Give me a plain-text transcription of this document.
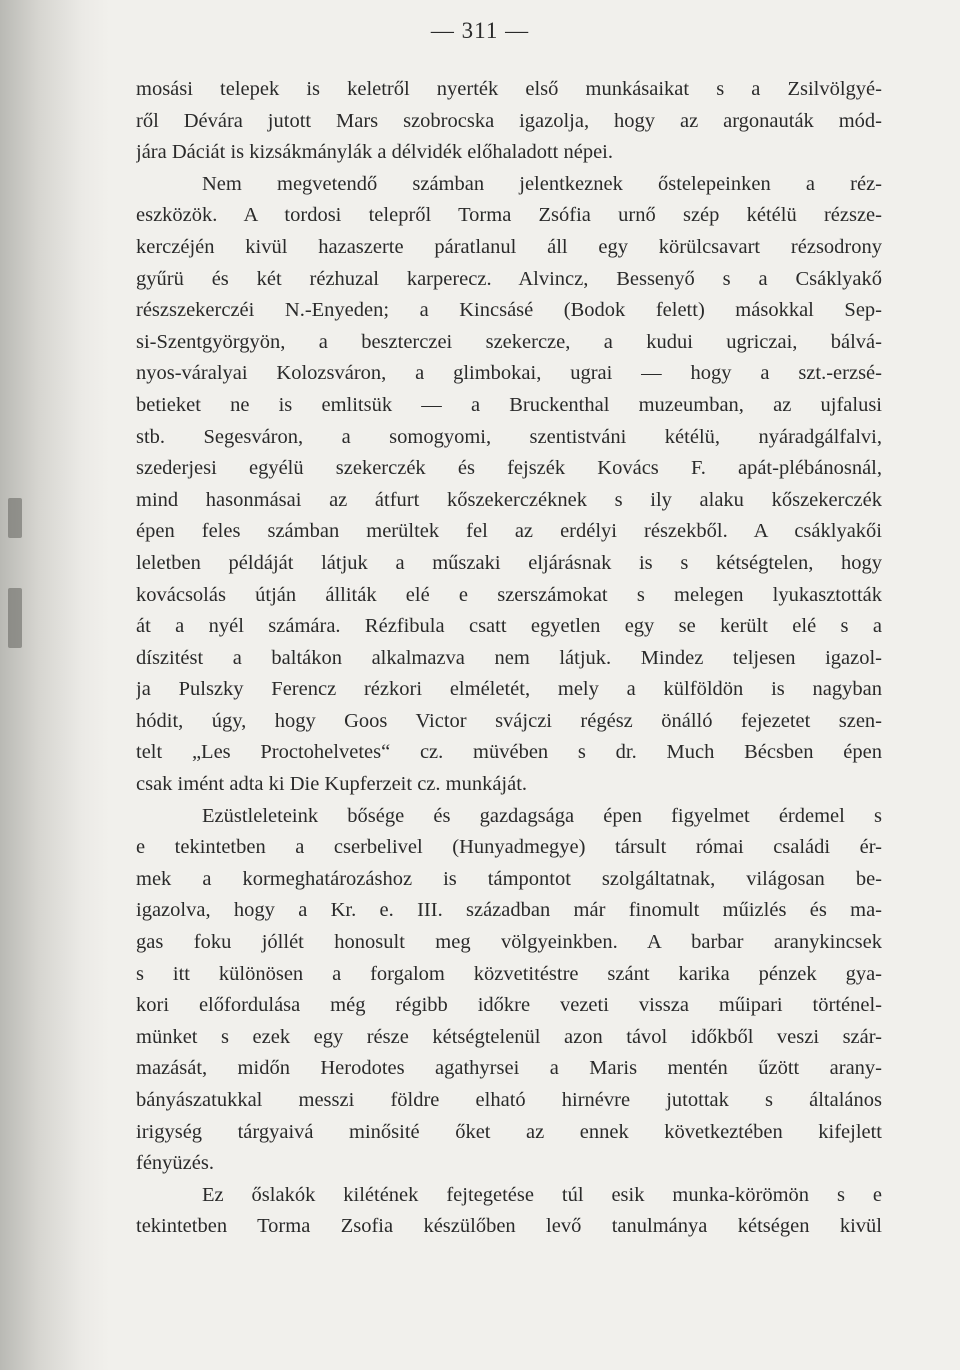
— 311 —
mosási telepek is keletről nyerték első munkásaikat s a Zsilvölgyé-
ről Dévára jutott Mars szobrocska igazolja, hogy az argonauták mód-
jára Dáciát is kizsákmánylák a délvidék előhaladott népei.
Nem megvetendő számban jelentkeznek őstelepeinken a réz-
eszközök. A tordosi telepről Torma Zsófia urnő szép kétélü rézsze-
kerczéjén kivül hazaszerte páratlanul áll egy körülcsavart rézsodrony
gyűrü és két rézhuzal karperecz. Alvincz, Bessenyő s a Csáklyakő
részszekerczéi N.-Enyeden; a Kincsásé (Bodok felett) másokkal Sep-
si-Szentgyörgyön, a beszterczei szekercze, a kudui ugriczai, bálvá-
nyos-váralyai Kolozsváron, a glimbokai, ugrai — hogy a szt.-erzsé-
betieket ne is emlitsük — a Bruckenthal muzeumban, az ujfalusi
stb. Segesváron, a somogyomi, szentistváni kétélü, nyáradgálfalvi,
szederjesi egyélü szekerczék és fejszék Kovács F. apát-plébánosnál,
mind hasonmásai az átfurt kőszekerczéknek s ily alaku kőszekerczék
épen feles számban merültek fel az erdélyi részekből. A csáklyakői
leletben példáját látjuk a műszaki eljárásnak is s kétségtelen, hogy
kovácsolás útján álliták elé e szerszámokat s melegen lyukasztották
át a nyél számára. Rézfibula csatt egyetlen egy se került elé s a
díszitést a baltákon alkalmazva nem látjuk. Mindez teljesen igazol-
ja Pulszky Ferencz rézkori elméletét, mely a külföldön is nagyban
hódit, úgy, hogy Goos Victor svájczi régész önálló fejezetet szen-
telt „Les Proctohelvetes“ cz. müvében s dr. Much Bécsben épen
csak imént adta ki Die Kupferzeit cz. munkáját.
Ezüstleleteink bősége és gazdagsága épen figyelmet érdemel s
e tekintetben a cserbelivel (Hunyadmegye) társult római családi ér-
mek a kormeghatározáshoz is támpontot szolgáltatnak, világosan be-
igazolva, hogy a Kr. e. III. században már finomult műizlés és ma-
gas foku jóllét honosult meg völgyeinkben. A barbar aranykincsek
s itt különösen a forgalom közvetitéstre szánt karika pénzek gya-
kori előfordulása még régibb időkre vezeti vissza műipari történel-
münket s ezek egy része kétségtelenül azon távol időkből veszi szár-
mazását, midőn Herodotes agathyrsei a Maris mentén űzött arany-
bányászatukkal messzi földre elható hirnévre jutottak s általános
irigység tárgyaivá minősité őket az ennek következtében kifejlett
fényüzés.
Ez őslakók kilétének fejtegetése túl esik munka-körömön s e
tekintetben Torma Zsofia készülőben levő tanulmánya kétségen kivül
